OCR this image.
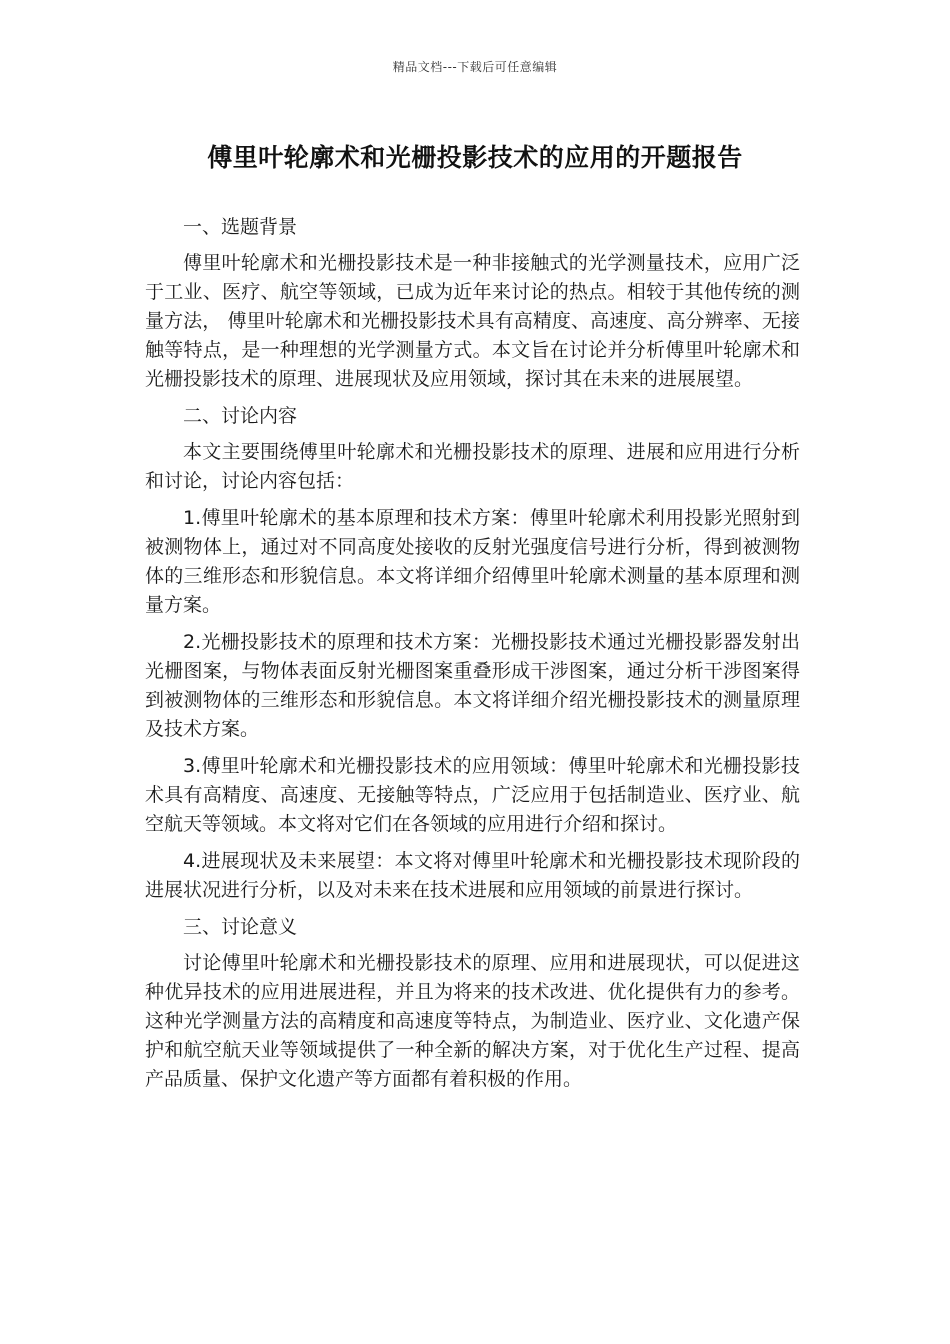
精品文档---下载后可任意编辑
傅里叶轮廓术和光栅投影技术的应用的开题报告

一、选题背景

傅里叶轮廓术和光栅投影技术是一种非接触式的光学测量技术，应用广泛于工业、医疗、航空等领域，已成为近年来讨论的热点。相较于其他传统的测量方法， 傅里叶轮廓术和光栅投影技术具有高精度、高速度、高分辨率、无接触等特点，是一种理想的光学测量方式。本文旨在讨论并分析傅里叶轮廓术和光栅投影技术的原理、进展现状及应用领域，探讨其在未来的进展展望。

二、讨论内容

本文主要围绕傅里叶轮廓术和光栅投影技术的原理、进展和应用进行分析和讨论，讨论内容包括：

1.傅里叶轮廓术的基本原理和技术方案：傅里叶轮廓术利用投影光照射到被测物体上，通过对不同高度处接收的反射光强度信号进行分析，得到被测物体的三维形态和形貌信息。本文将详细介绍傅里叶轮廓术测量的基本原理和测量方案。

2.光栅投影技术的原理和技术方案：光栅投影技术通过光栅投影器发射出光栅图案，与物体表面反射光栅图案重叠形成干涉图案，通过分析干涉图案得到被测物体的三维形态和形貌信息。本文将详细介绍光栅投影技术的测量原理及技术方案。

3.傅里叶轮廓术和光栅投影技术的应用领域：傅里叶轮廓术和光栅投影技术具有高精度、高速度、无接触等特点，广泛应用于包括制造业、医疗业、航空航天等领域。本文将对它们在各领域的应用进行介绍和探讨。

4.进展现状及未来展望：本文将对傅里叶轮廓术和光栅投影技术现阶段的进展状况进行分析，以及对未来在技术进展和应用领域的前景进行探讨。

三、讨论意义

讨论傅里叶轮廓术和光栅投影技术的原理、应用和进展现状，可以促进这种优异技术的应用进展进程，并且为将来的技术改进、优化提供有力的参考。这种光学测量方法的高精度和高速度等特点，为制造业、医疗业、文化遗产保护和航空航天业等领域提供了一种全新的解决方案，对于优化生产过程、提高产品质量、保护文化遗产等方面都有着积极的作用。
